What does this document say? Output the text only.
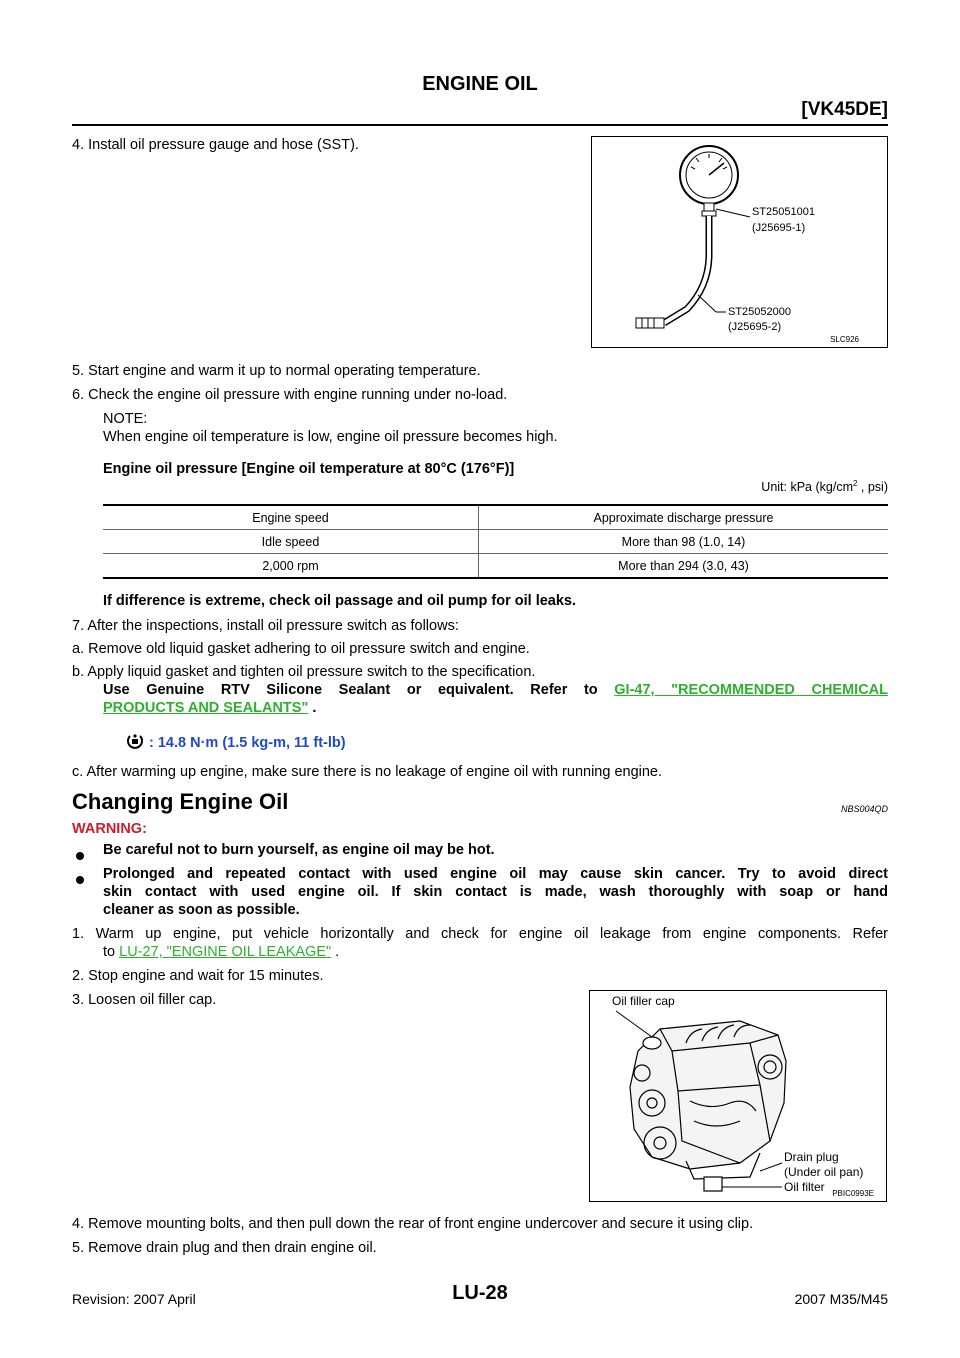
ENGINE OIL
[VK45DE]
4. Install oil pressure gauge and hose (SST).
ST25051001
(J25695-1)
ST25052000
(J25695-2)
SLC926
5. Start engine and warm it up to normal operating temperature.
6. Check the engine oil pressure with engine running under no-load.
NOTE:
When engine oil temperature is low, engine oil pressure becomes high.
Engine oil pressure [Engine oil temperature at 80°C (176°F)]
Unit: kPa ($kg/cm^2$ , psi)
Engine speed	Approximate discharge pressure
Idle speed	More than 98 (1.0, 14)
2,000 rpm	More than 294 (3.0, 43)
If difference is extreme, check oil passage and oil pump for oil leaks.
7. After the inspections, install oil pressure switch as follows:
a. Remove old liquid gasket adhering to oil pressure switch and engine.
b. Apply liquid gasket and tighten oil pressure switch to the specification.
Use Genuine RTV Silicone Sealant or equivalent. Refer to GI-47, "RECOMMENDED CHEMICAL
PRODUCTS AND SEALANTS" .
: 14.8 N·m (1.5 kg-m, 11 ft-lb)
c. After warming up engine, make sure there is no leakage of engine oil with running engine.
Changing Engine Oil	NBS004QD
WARNING:
Be careful not to burn yourself, as engine oil may be hot.
Prolonged and repeated contact with used engine oil may cause skin cancer. Try to avoid direct
skin contact with used engine oil. If skin contact is made, wash thoroughly with soap or hand
cleaner as soon as possible.
1. Warm up engine, put vehicle horizontally and check for engine oil leakage from engine components. Refer
to LU-27, "ENGINE OIL LEAKAGE" .
2. Stop engine and wait for 15 minutes.
3. Loosen oil filler cap.	Oil filler cap
Drain plug
(Under oil pan)
Oil filter PBIC0993E
4. Remove mounting bolts, and then pull down the rear of front engine undercover and secure it using clip.
5. Remove drain plug and then drain engine oil.
Revision: 2007 April	LU-28	2007 M35/M45
